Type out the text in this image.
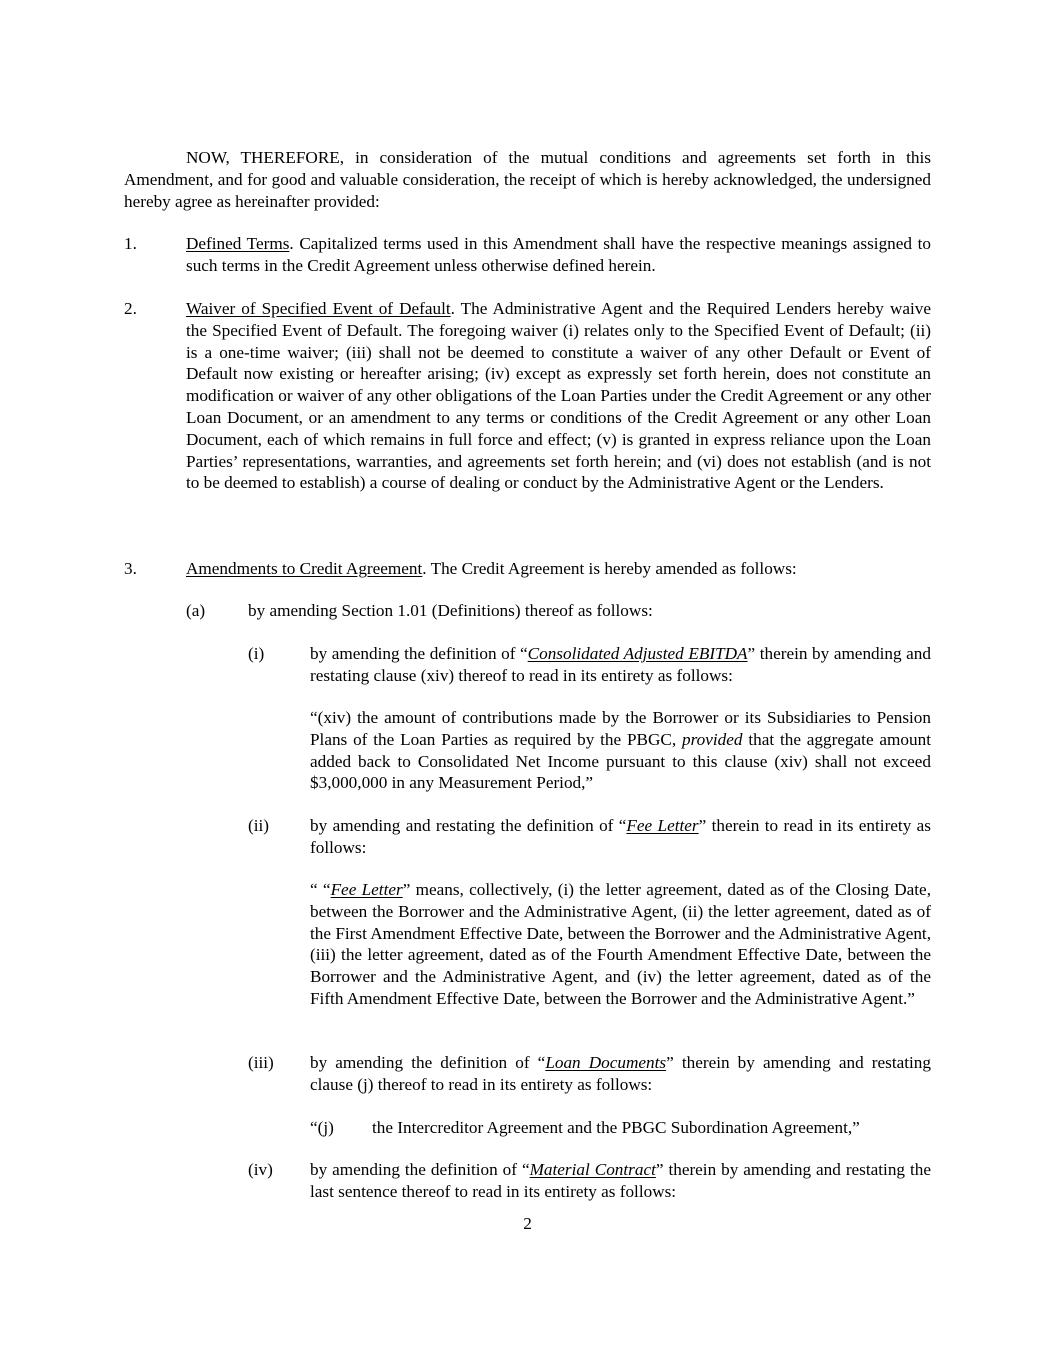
NOW, THEREFORE, in consideration of the mutual conditions and agreements set forth in this Amendment, and for good and valuable consideration, the receipt of which is hereby acknowledged, the undersigned hereby agree as hereinafter provided:

1.	Defined Terms. Capitalized terms used in this Amendment shall have the respective meanings assigned to such terms in the Credit Agreement unless otherwise defined herein.

2.	Waiver of Specified Event of Default. The Administrative Agent and the Required Lenders hereby waive the Specified Event of Default. The foregoing waiver (i) relates only to the Specified Event of Default; (ii) is a one-time waiver; (iii) shall not be deemed to constitute a waiver of any other Default or Event of Default now existing or hereafter arising; (iv) except as expressly set forth herein, does not constitute an modification or waiver of any other obligations of the Loan Parties under the Credit Agreement or any other Loan Document, or an amendment to any terms or conditions of the Credit Agreement or any other Loan Document, each of which remains in full force and effect; (v) is granted in express reliance upon the Loan Parties’ representations, warranties, and agreements set forth herein; and (vi) does not establish (and is not to be deemed to establish) a course of dealing or conduct by the Administrative Agent or the Lenders.

3.	Amendments to Credit Agreement. The Credit Agreement is hereby amended as follows:

(a) by amending Section 1.01 (Definitions) thereof as follows:

(i)	by amending the definition of “Consolidated Adjusted EBITDA” therein by amending and restating clause (xiv) thereof to read in its entirety as follows:

“(xiv) the amount of contributions made by the Borrower or its Subsidiaries to Pension Plans of the Loan Parties as required by the PBGC, provided that the aggregate amount added back to Consolidated Net Income pursuant to this clause (xiv) shall not exceed $3,000,000 in any Measurement Period,”

(ii) by amending and restating the definition of “Fee Letter” therein to read in its entirety as follows:

“ “Fee Letter” means, collectively, (i) the letter agreement, dated as of the Closing Date, between the Borrower and the Administrative Agent, (ii) the letter agreement, dated as of the First Amendment Effective Date, between the Borrower and the Administrative Agent, (iii) the letter agreement, dated as of the Fourth Amendment Effective Date, between the Borrower and the Administrative Agent, and (iv) the letter agreement, dated as of the Fifth Amendment Effective Date, between the Borrower and the Administrative Agent.”

(iii) by amending the definition of “Loan Documents” therein by amending and restating clause (j) thereof to read in its entirety as follows:

“(j) the Intercreditor Agreement and the PBGC Subordination Agreement,”

(iv) by amending the definition of “Material Contract” therein by amending and restating the last sentence thereof to read in its entirety as follows:

2
